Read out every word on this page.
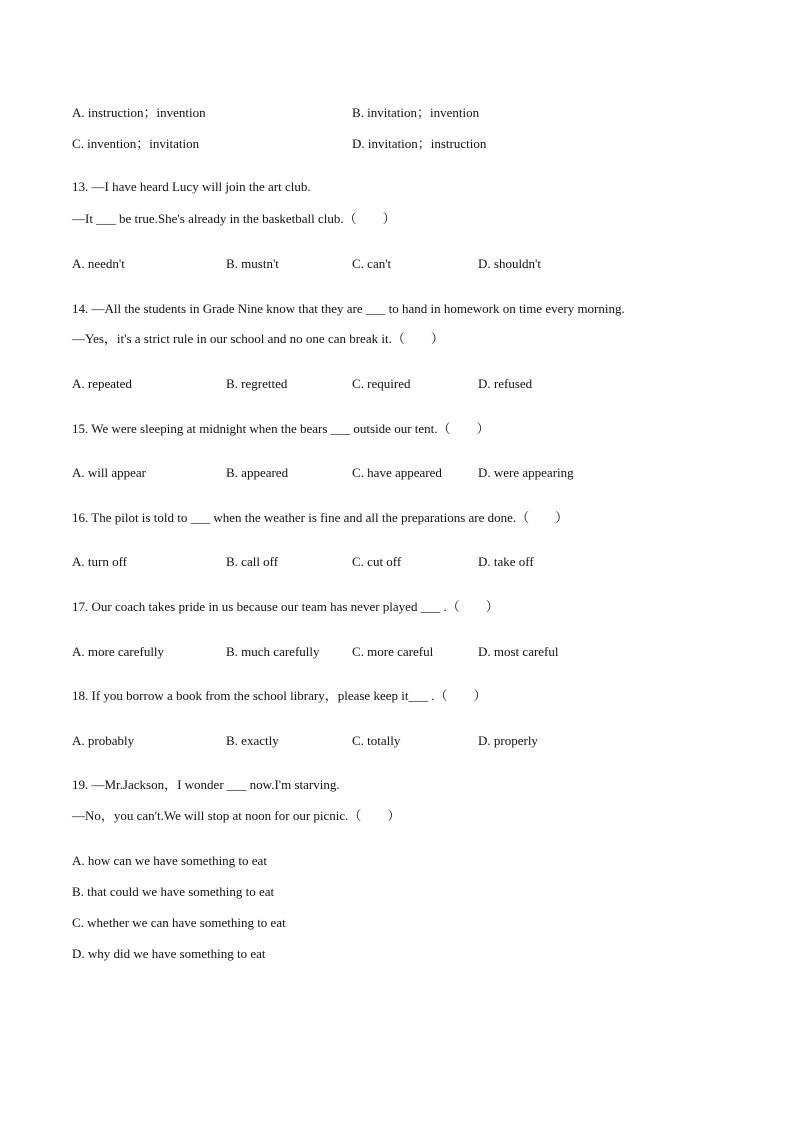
A. instruction；invention	B. invitation；invention
C. invention；invitation	D. invitation；instruction
13. —I have heard Lucy will join the art club.
—It ___ be true.She's already in the basketball club.（　　）
A. needn't	B. mustn't	C. can't	D. shouldn't
14. —All the students in Grade Nine know that they are ___ to hand in homework on time every morning.
—Yes，it's a strict rule in our school and no one can break it.（　　）
A. repeated	B. regretted	C. required	D. refused
15. We were sleeping at midnight when the bears ___ outside our tent.（　　）
A. will appear	B. appeared	C. have appeared	D. were appearing
16. The pilot is told to ___ when the weather is fine and all the preparations are done.（　　）
A. turn off	B. call off	C. cut off	D. take off
17. Our coach takes pride in us because our team has never played ___ .（　　）
A. more carefully	B. much carefully	C. more careful	D. most careful
18. If you borrow a book from the school library，please keep it___ .（　　）
A. probably	B. exactly	C. totally	D. properly
19. —Mr.Jackson，I wonder ___ now.I'm starving.
—No，you can't.We will stop at noon for our picnic.（　　）
A. how can we have something to eat
B. that could we have something to eat
C. whether we can have something to eat
D. why did we have something to eat
